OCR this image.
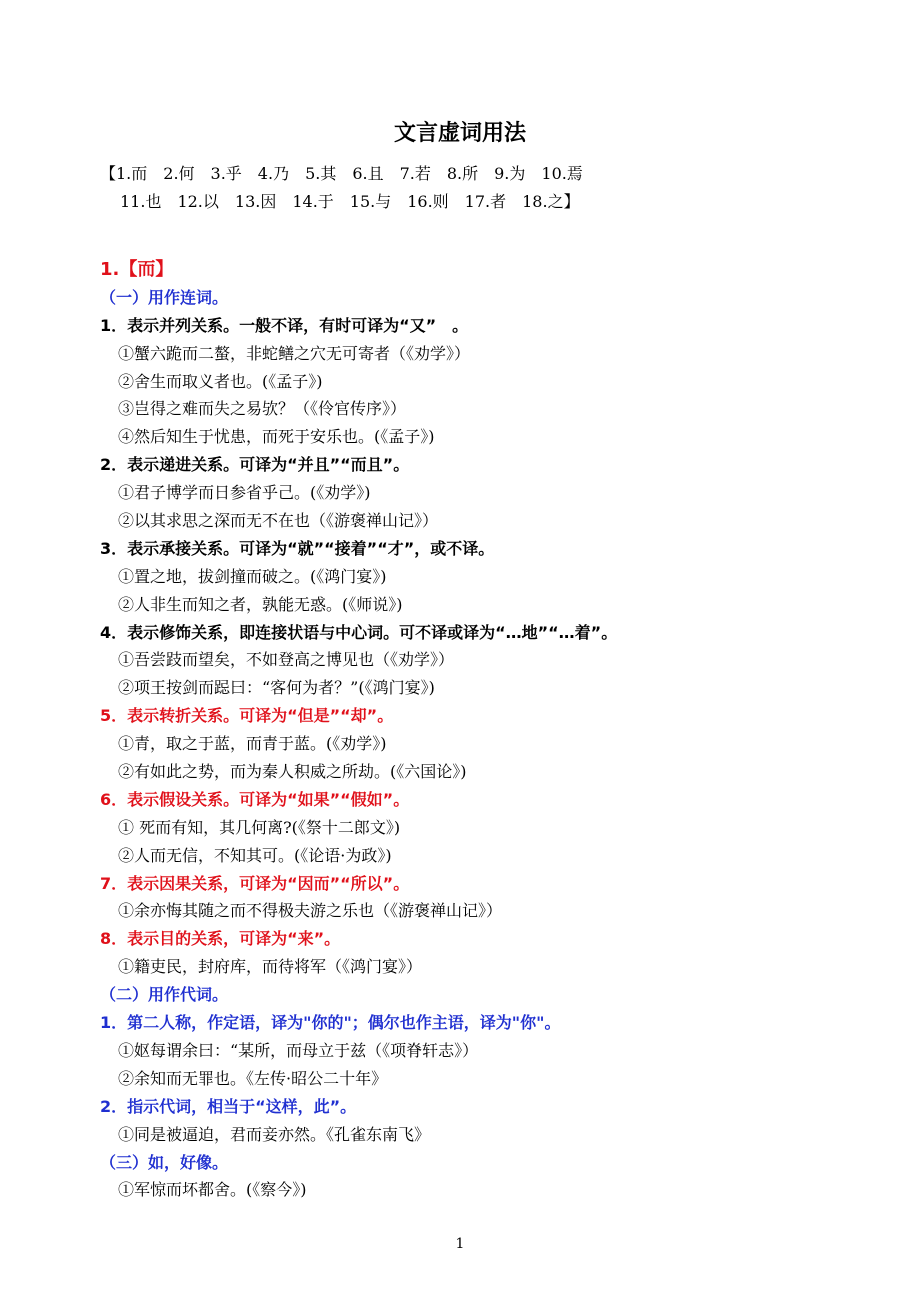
文言虚词用法
【1.而　2.何　3.乎　4.乃　5.其　6.且　7.若　8.所　9.为　10.焉
11.也　12.以　13.因　14.于　15.与　16.则　17.者　18.之】
1.【而】
（一）用作连词。
1．表示并列关系。一般不译，有时可译为“又”　。
①蟹六跪而二螯，非蛇鳝之穴无可寄者（《劝学》）
②舍生而取义者也。(《孟子》)
③岂得之难而失之易欤？（《伶官传序》）
④然后知生于忧患，而死于安乐也。(《孟子》)
2．表示递进关系。可译为“并且”“而且”。
①君子博学而日参省乎己。(《劝学》)
②以其求思之深而无不在也（《游褒禅山记》）
3．表示承接关系。可译为“就”“接着”“才”，或不译。
①置之地，拔剑撞而破之。(《鸿门宴》)
②人非生而知之者，孰能无惑。(《师说》)
4．表示修饰关系，即连接状语与中心词。可不译或译为“…地”“…着”。
①吾尝跂而望矣，不如登高之博见也（《劝学》）
②项王按剑而跽曰：“客何为者？”(《鸿门宴》)
5．表示转折关系。可译为“但是”“却”。
①青，取之于蓝，而青于蓝。(《劝学》)
②有如此之势，而为秦人积威之所劫。(《六国论》)
6．表示假设关系。可译为“如果”“假如”。
① 死而有知，其几何离?(《祭十二郎文》)
②人而无信，不知其可。(《论语·为政》)
7．表示因果关系，可译为“因而”“所以”。
①余亦悔其随之而不得极夫游之乐也（《游褒禅山记》）
8．表示目的关系，可译为“来”。
①籍吏民，封府库，而待将军（《鸿门宴》）
（二）用作代词。
1．第二人称，作定语，译为"你的"；偶尔也作主语，译为"你"。
①妪每谓余曰：“某所，而母立于兹（《项脊轩志》）
②余知而无罪也。《左传·昭公二十年》
2．指示代词，相当于“这样，此”。
①同是被逼迫，君而妾亦然。《孔雀东南飞》
（三）如，好像。
①军惊而坏都舍。(《察今》)
1
